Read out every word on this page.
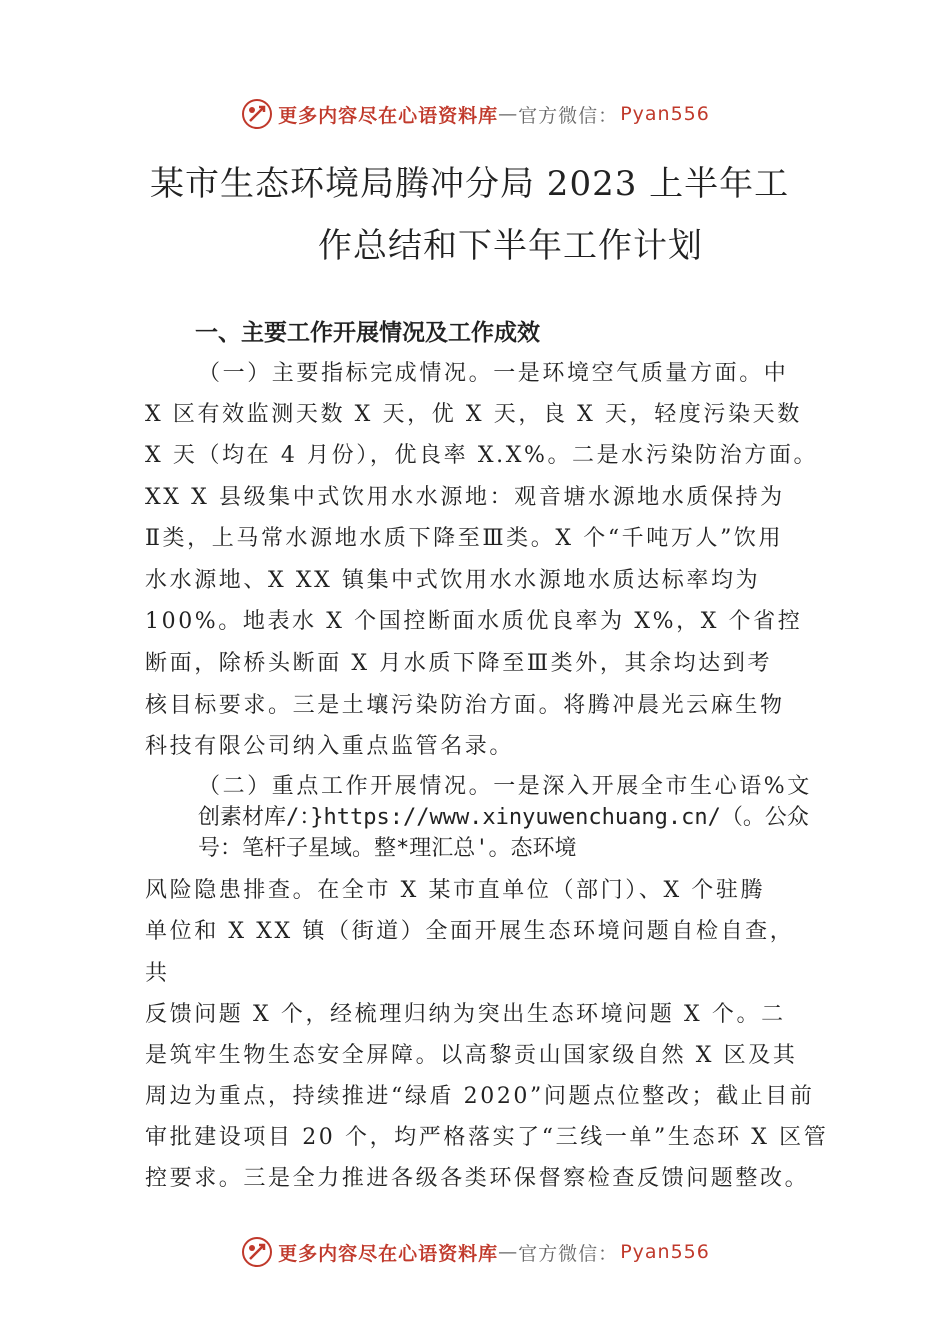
更多内容尽在心语资料库 — 官方微信： Pyan556
某市生态环境局腾冲分局 2023 上半年工
作总结和下半年工作计划
一、主要工作开展情况及工作成效
（一）主要指标完成情况。一是环境空气质量方面。中
X 区有效监测天数 X 天，优 X 天，良 X 天，轻度污染天数
X 天（均在 4 月份），优良率 X.X%。二是水污染防治方面。
XX X 县级集中式饮用水水源地：观音塘水源地水质保持为
Ⅱ类，上马常水源地水质下降至Ⅲ类。X 个“千吨万人”饮用
水水源地、X XX 镇集中式饮用水水源地水质达标率均为
100%。地表水 X 个国控断面水质优良率为 X%，X 个省控
断面，除桥头断面 X 月水质下降至Ⅲ类外，其余均达到考
核目标要求。三是土壤污染防治方面。将腾冲晨光云麻生物
科技有限公司纳入重点监管名录。
（二）重点工作开展情况。一是深入开展全市生心语%文
创素材库/：}https://www.xinyuwenchuang.cn/（。公众
号：笔杆子星域。整*理汇总'。态环境
风险隐患排查。在全市 X 某市直单位（部门）、X 个驻腾
单位和 X XX 镇（街道）全面开展生态环境问题自检自查，
共
反馈问题 X 个，经梳理归纳为突出生态环境问题 X 个。二
是筑牢生物生态安全屏障。以高黎贡山国家级自然 X 区及其
周边为重点，持续推进“绿盾 2020”问题点位整改；截止目前
审批建设项目 20 个，均严格落实了“三线一单”生态环 X 区管
控要求。三是全力推进各级各类环保督察检查反馈问题整改。
更多内容尽在心语资料库 — 官方微信： Pyan556
